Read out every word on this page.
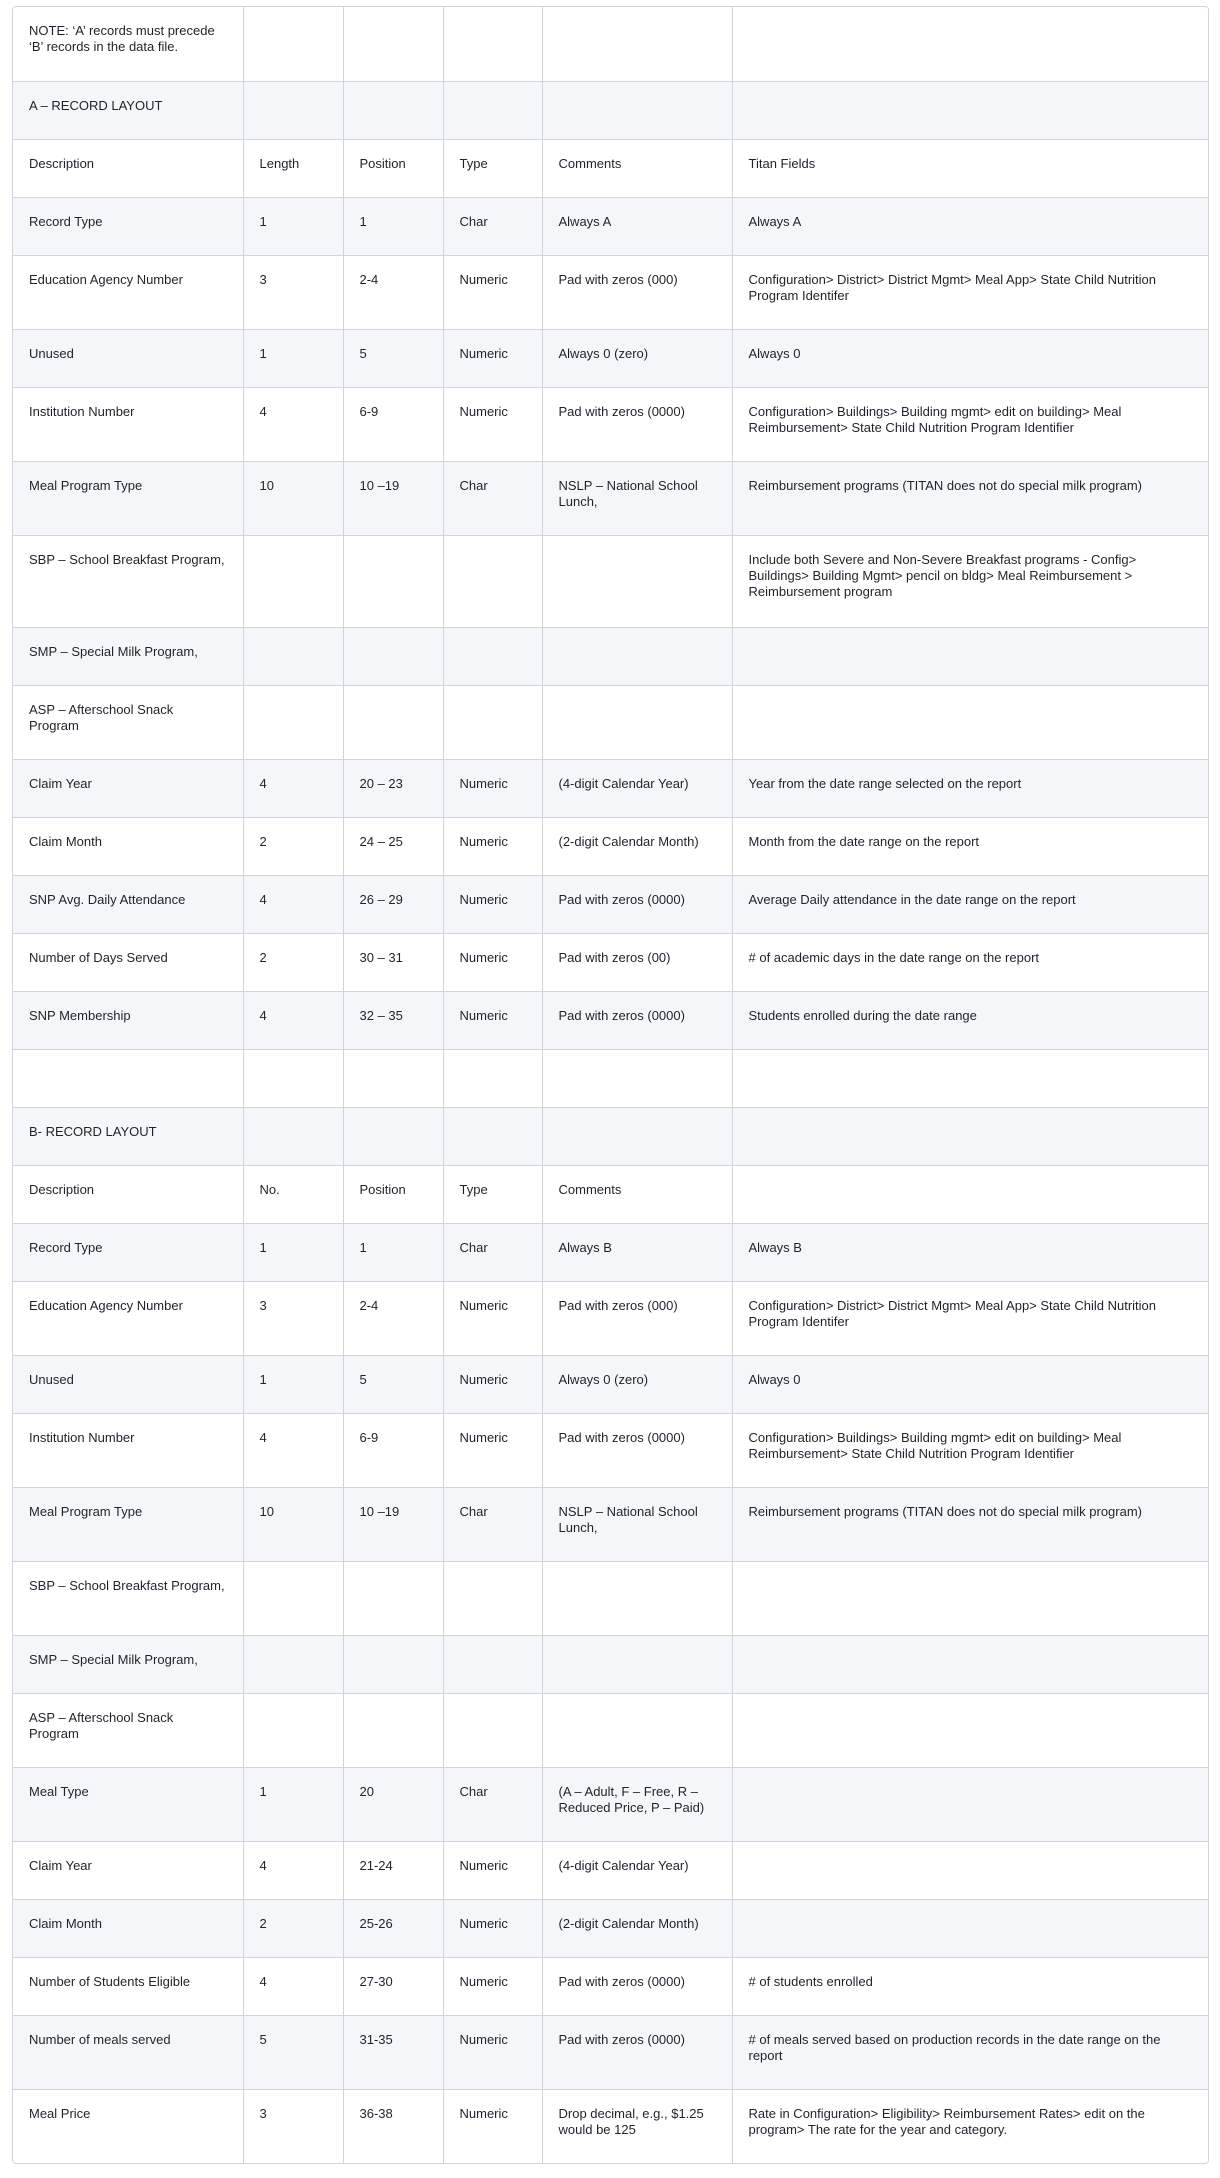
NOTE: ‘A’ records must precede ‘B’ records in the data file.					
A – RECORD LAYOUT					
Description	Length	Position	Type	Comments	Titan Fields
Record Type	1	1	Char	Always A	Always A
Education Agency Number	3	2-4	Numeric	Pad with zeros (000)	Configuration> District> District Mgmt> Meal App> State Child Nutrition Program Identifer
Unused	1	5	Numeric	Always 0 (zero)	Always 0
Institution Number	4	6-9	Numeric	Pad with zeros (0000)	Configuration> Buildings> Building mgmt> edit on building> Meal Reimbursement> State Child Nutrition Program Identifier
Meal Program Type	10	10 –19	Char	NSLP – National School Lunch,	Reimbursement programs (TITAN does not do special milk program)
SBP – School Breakfast Program,					Include both Severe and Non-Severe Breakfast programs - Config> Buildings> Building Mgmt> pencil on bldg> Meal Reimbursement > Reimbursement program
SMP – Special Milk Program,					
ASP – Afterschool Snack Program					
Claim Year	4	20 – 23	Numeric	(4-digit Calendar Year)	Year from the date range selected on the report
Claim Month	2	24 – 25	Numeric	(2-digit Calendar Month)	Month from the date range on the report
SNP Avg. Daily Attendance	4	26 – 29	Numeric	Pad with zeros (0000)	Average Daily attendance in the date range on the report
Number of Days Served	2	30 – 31	Numeric	Pad with zeros (00)	# of academic days in the date range on the report
SNP Membership	4	32 – 35	Numeric	Pad with zeros (0000)	Students enrolled during the date range

B- RECORD LAYOUT					
Description	No.	Position	Type	Comments	
Record Type	1	1	Char	Always B	Always B
Education Agency Number	3	2-4	Numeric	Pad with zeros (000)	Configuration> District> District Mgmt> Meal App> State Child Nutrition Program Identifer
Unused	1	5	Numeric	Always 0 (zero)	Always 0
Institution Number	4	6-9	Numeric	Pad with zeros (0000)	Configuration> Buildings> Building mgmt> edit on building> Meal Reimbursement> State Child Nutrition Program Identifier
Meal Program Type	10	10 –19	Char	NSLP – National School Lunch,	Reimbursement programs (TITAN does not do special milk program)
SBP – School Breakfast Program,					
SMP – Special Milk Program,					
ASP – Afterschool Snack Program					
Meal Type	1	20	Char	(A – Adult, F – Free, R – Reduced Price, P – Paid)	
Claim Year	4	21-24	Numeric	(4-digit Calendar Year)	
Claim Month	2	25-26	Numeric	(2-digit Calendar Month)	
Number of Students Eligible	4	27-30	Numeric	Pad with zeros (0000)	# of students enrolled
Number of meals served	5	31-35	Numeric	Pad with zeros (0000)	# of meals served based on production records in the date range on the report
Meal Price	3	36-38	Numeric	Drop decimal, e.g., $1.25 would be 125	Rate in Configuration> Eligibility> Reimbursement Rates> edit on the program> The rate for the year and category.
